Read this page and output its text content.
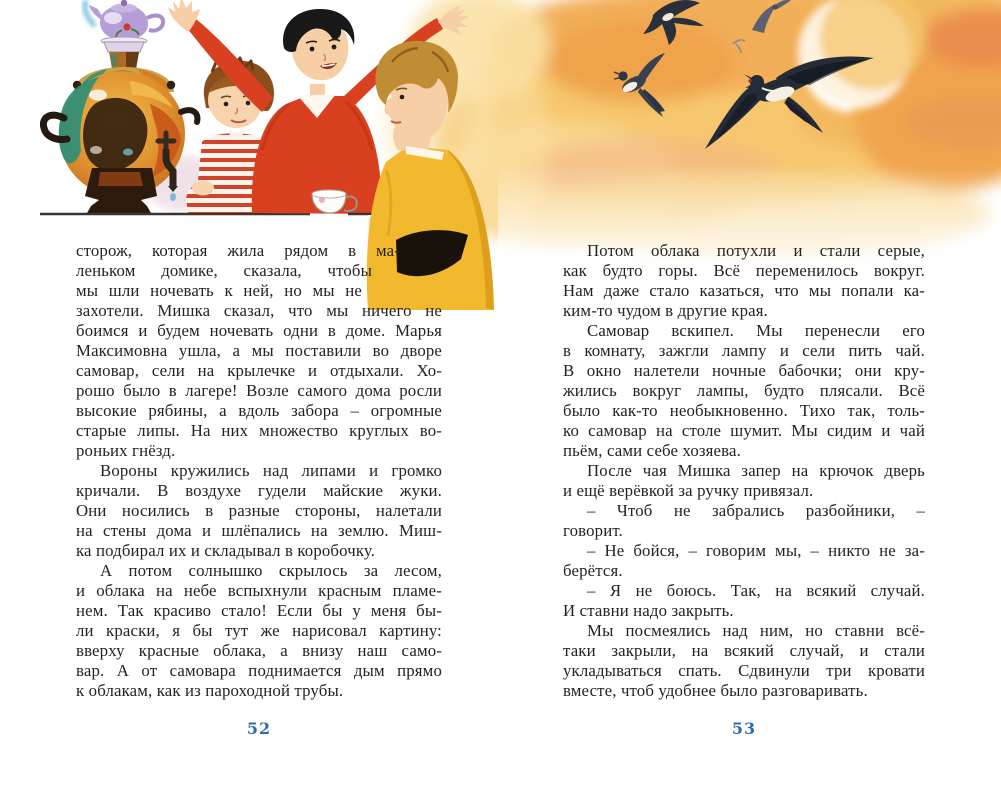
сторож, которая жила рядом в ма-
леньком домике, сказала, чтобы
мы шли ночевать к ней, но мы не
захотели. Мишка сказал, что мы ничего не
боимся и будем ночевать одни в доме. Марья
Максимовна ушла, а мы поставили во дворе
самовар, сели на крылечке и отдыхали. Хо-
рошо было в лагере! Возле самого дома росли
высокие рябины, а вдоль забора – огромные
старые липы. На них множество круглых во-
роньих гнёзд.
Вороны кружились над липами и громко
кричали. В воздухе гудели майские жуки.
Они носились в разные стороны, налетали
на стены дома и шлёпались на землю. Миш-
ка подбирал их и складывал в коробочку.
А потом солнышко скрылось за лесом,
и облака на небе вспыхнули красным пламе-
нем. Так красиво стало! Если бы у меня бы-
ли краски, я бы тут же нарисовал картину:
вверху красные облака, а внизу наш само-
вар. А от самовара поднимается дым прямо
к облакам, как из пароходной трубы.
52
Потом облака потухли и стали серые,
как будто горы. Всё переменилось вокруг.
Нам даже стало казаться, что мы попали ка-
ким-то чудом в другие края.
Самовар вскипел. Мы перенесли его
в комнату, зажгли лампу и сели пить чай.
В окно налетели ночные бабочки; они кру-
жились вокруг лампы, будто плясали. Всё
было как-то необыкновенно. Тихо так, толь-
ко самовар на столе шумит. Мы сидим и чай
пьём, сами себе хозяева.
После чая Мишка запер на крючок дверь
и ещё верёвкой за ручку привязал.
– Чтоб не забрались разбойники, –
говорит.
– Не бойся, – говорим мы, – никто не за-
берётся.
– Я не боюсь. Так, на всякий случай.
И ставни надо закрыть.
Мы посмеялись над ним, но ставни всё-
таки закрыли, на всякий случай, и стали
укладываться спать. Сдвинули три кровати
вместе, чтоб удобнее было разговаривать.
53
